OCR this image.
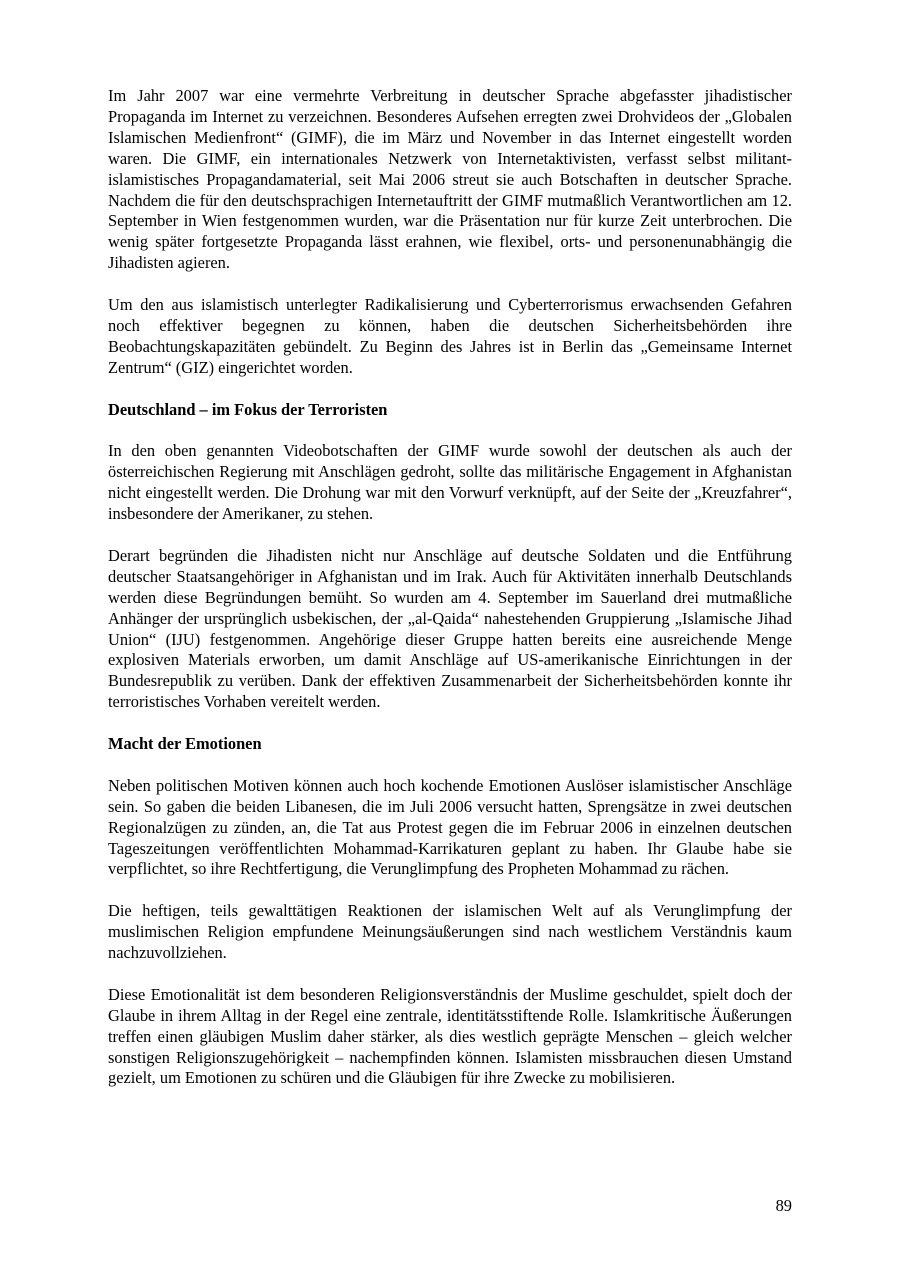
Im Jahr 2007 war eine vermehrte Verbreitung in deutscher Sprache abgefasster jihadistischer Propaganda im Internet zu verzeichnen. Besonderes Aufsehen erregten zwei Drohvideos der „Globalen Islamischen Medienfront“ (GIMF), die im März und November in das Internet eingestellt worden waren. Die GIMF, ein internationales Netzwerk von Internetaktivisten, verfasst selbst militant-islamistisches Propagandamaterial, seit Mai 2006 streut sie auch Botschaften in deutscher Sprache. Nachdem die für den deutschsprachigen Internetauftritt der GIMF mutmaßlich Verantwortlichen am 12. September in Wien festgenommen wurden, war die Präsentation nur für kurze Zeit unterbrochen. Die wenig später fortgesetzte Propaganda lässt erahnen, wie flexibel, orts- und personenunabhängig die Jihadisten agieren.

Um den aus islamistisch unterlegter Radikalisierung und Cyberterrorismus erwachsenden Gefahren noch effektiver begegnen zu können, haben die deutschen Sicherheitsbehörden ihre Beobachtungskapazitäten gebündelt. Zu Beginn des Jahres ist in Berlin das „Gemeinsame Internet Zentrum“ (GIZ) eingerichtet worden.

Deutschland – im Fokus der Terroristen

In den oben genannten Videobotschaften der GIMF wurde sowohl der deutschen als auch der österreichischen Regierung mit Anschlägen gedroht, sollte das militärische Engagement in Afghanistan nicht eingestellt werden. Die Drohung war mit den Vorwurf verknüpft, auf der Seite der „Kreuzfahrer“, insbesondere der Amerikaner, zu stehen.

Derart begründen die Jihadisten nicht nur Anschläge auf deutsche Soldaten und die Entführung deutscher Staatsangehöriger in Afghanistan und im Irak. Auch für Aktivitäten innerhalb Deutschlands werden diese Begründungen bemüht. So wurden am 4. September im Sauerland drei mutmaßliche Anhänger der ursprünglich usbekischen, der „al-Qaida“ nahestehenden Gruppierung „Islamische Jihad Union“ (IJU) festgenommen. Angehörige dieser Gruppe hatten bereits eine ausreichende Menge explosiven Materials erworben, um damit Anschläge auf US-amerikanische Einrichtungen in der Bundesrepublik zu verüben. Dank der effektiven Zusammenarbeit der Sicherheitsbehörden konnte ihr terroristisches Vorhaben vereitelt werden.

Macht der Emotionen

Neben politischen Motiven können auch hoch kochende Emotionen Auslöser islamistischer Anschläge sein. So gaben die beiden Libanesen, die im Juli 2006 versucht hatten, Sprengsätze in zwei deutschen Regionalzügen zu zünden, an, die Tat aus Protest gegen die im Februar 2006 in einzelnen deutschen Tageszeitungen veröffentlichten Mohammad-Karrikaturen geplant zu haben. Ihr Glaube habe sie verpflichtet, so ihre Rechtfertigung, die Verunglimpfung des Propheten Mohammad zu rächen.

Die heftigen, teils gewalttätigen Reaktionen der islamischen Welt auf als Verunglimpfung der muslimischen Religion empfundene Meinungsäußerungen sind nach westlichem Verständnis kaum nachzuvollziehen.

Diese Emotionalität ist dem besonderen Religionsverständnis der Muslime geschuldet, spielt doch der Glaube in ihrem Alltag in der Regel eine zentrale, identitätsstiftende Rolle. Islamkritische Äußerungen treffen einen gläubigen Muslim daher stärker, als dies westlich geprägte Menschen – gleich welcher sonstigen Religionszugehörigkeit – nachempfinden können. Islamisten missbrauchen diesen Umstand gezielt, um Emotionen zu schüren und die Gläubigen für ihre Zwecke zu mobilisieren.

89
